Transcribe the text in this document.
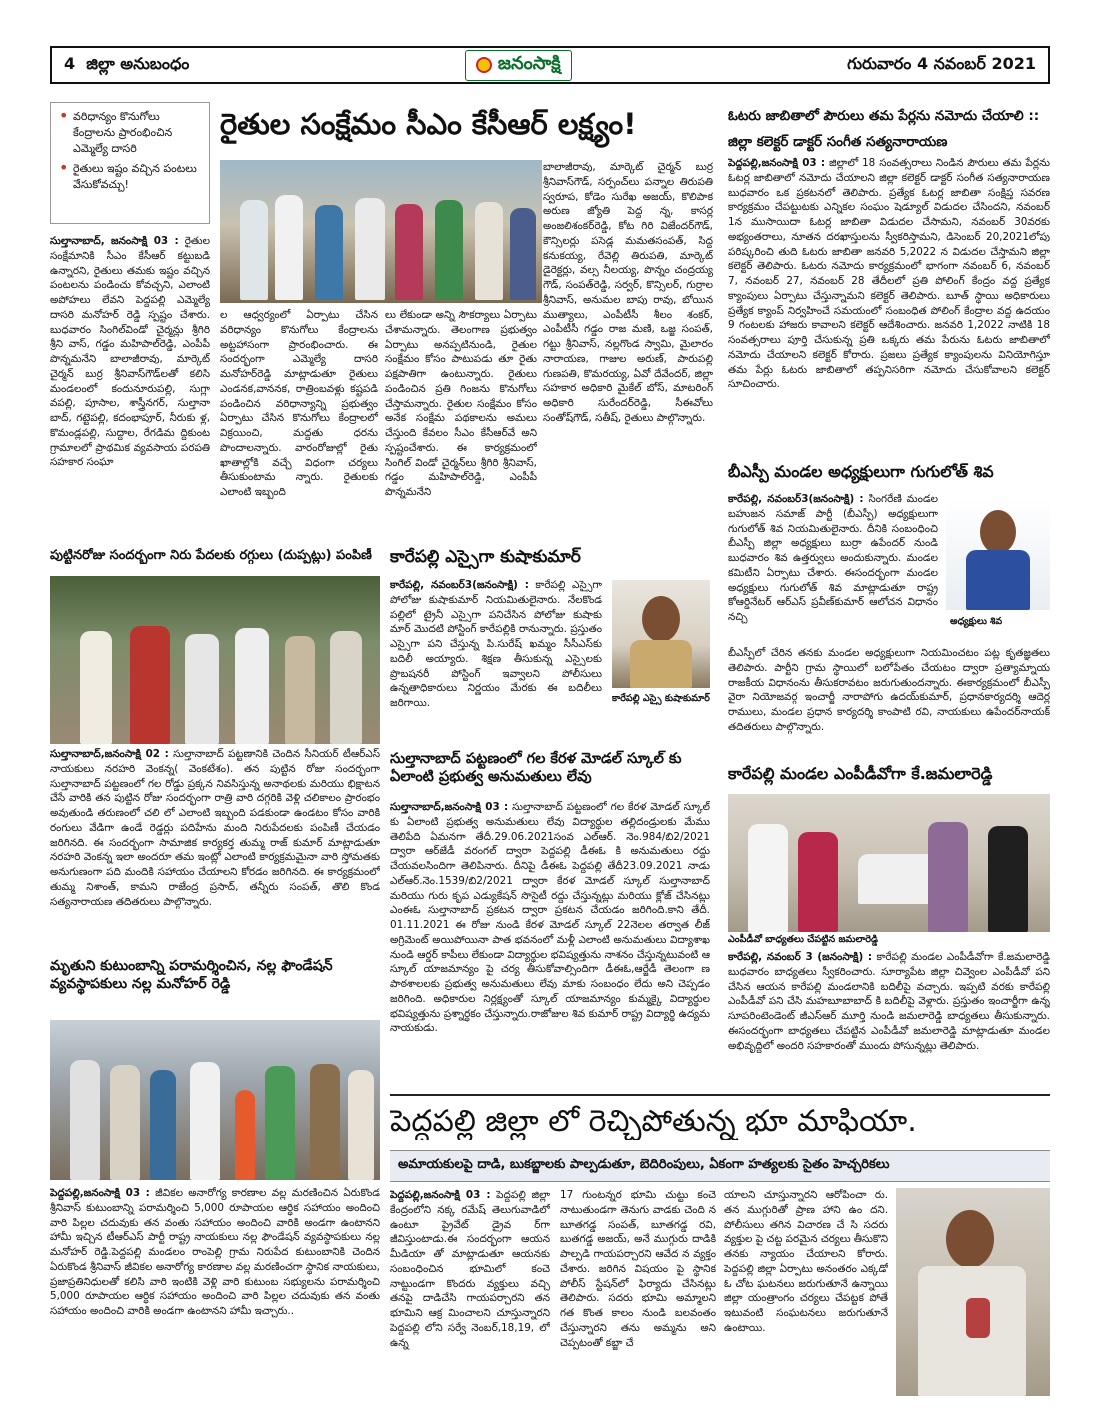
4 జిల్లా అనుబంధం	జనంసాక్షి	గురువారం 4 నవంబర్ 2021
• వరిధాన్యం కొనుగోలు కేంద్రాలను ప్రారంభించిన ఎమ్మెల్యే దాసరి
• రైతులు ఇష్టం వచ్చిన పంటలు వేసుకోవచ్చు!
రైతుల సంక్షేమం సీఎం కేసీఆర్ లక్ష్యం!
సుల్తానాబాద్, జనంసాక్షి 03 : రైతుల సంక్షేమానికి సీఎం కేసీఆర్ కట్టుబడి ఉన్నారని, రైతులు తమకు ఇష్టం వచ్చిన పంటలను పండించు కోవచ్చని, ఎలాంటి అపోహలు లేవని పెద్దపల్లి ఎమ్మెల్యే దాసరి మనోహర్ రెడ్డి స్పష్టం చేశారు. బుధవారం సింగిల్‌విండో చైర్మన్లు శ్రీగిరి శ్రీని వాస్, గడ్డం మహిపాల్‌రెడ్డి, ఎంపీపీ పొన్నమనేని బాలాజీరావు, మార్కెట్ చైర్మన్ బుర్ర శ్రీనివాస్‌గౌడ్‌లతో కలిసి మండలంలో కందునూరుపల్లి, సుగ్లా వపల్లి, పూసాల, శాస్త్రీనగర్, సుల్తానా బాద్, గట్టెపల్లి, కదంభాపూర్, నీరుకు ళ్ల, కొమండ్లపల్లి, సుద్దాల, రేగడిమ ద్దికుంట గ్రామాలలో ప్రాథమిక వ్యవసాయ పరపతి సహకార సంఘా
ల ఆధ్వర్యంలో ఏర్పాటు చేసిన వరిధాన్యం కొనుగోలు కేంద్రాలను అట్టహాసంగా ప్రారంభించారు. ఈ సందర్భంగా ఎమ్మెల్యే దాసరి మనోహర్‌రెడ్డి మాట్లాడుతూ రైతులు ఎండనక,వాననక, రాత్రింబవళ్లు కష్టపడి పండించిన వరిధాన్యాన్ని ప్రభుత్వం ఏర్పాటు చేసిన కొనుగోలు కేంద్రాలలో విక్రయించి, మద్దతు ధరను పొందాలన్నారు. వారంరోజుల్లో రైతు ఖాతాల్లోకి వచ్చే విధంగా చర్యలు తీసుకుంటామ న్నారు. రైతులకు ఎలాంటి ఇబ్బంది
లు లేకుండా అన్ని సౌకర్యాలు ఏర్పాటు చేశామన్నారు. తెలంగాణ ప్రభుత్వం ఏర్పాటు అనప్పటినుండి, రైతుల సంక్షేమం కోసం పాటుపడు తూ రైతు పక్షపాతిగా ఉంటున్నారు. రైతులు పండించిన ప్రతి గింజను కొనుగోలు చేస్తామన్నారు. రైతుల సంక్షేమం కోసం అనేక సంక్షేమ పథకాలను అమలు చేస్తుంది కేవలం సీఎం కేసీఆర్‌వే అని స్పష్టంచేశారు. ఈ కార్యక్రమంలో సింగిల్ విండో చైర్మన్‌లు శ్రీగిరి శ్రీనివాస్, గడ్డం మహిపాల్‌రెడ్డి, ఎంపీపీ పొన్నమనేని
బాలాజీరావు, మార్కెట్ చైర్మన్ బుర్ర శ్రీనివాస్‌గౌడ్, సర్పంచ్‌లు పన్నాల తిరుపతి స్వరూప, కోడెం సురేఖ అజయ్, కొలిపాక అరుణ జ్యోతి పెద్ద న్న, కాసర్ల అంజలిశంకర్‌రెడ్డి, కోట గిరి విజేందర్‌గౌడ్, కౌన్సిలర్లు పసెడ్ల మమతసంపత్, సిద్ద కనుకయ్య, రేవెల్లి తిరుపతి, మార్కెట్ డైరెక్టర్లు, వల్స నీలయ్య, పొన్నం చంద్రయ్య గౌడ్, సంపత్‌రెడ్డి, సర్వర్, కొన్సిలర్, గుర్రాల శ్రీనివాస్, అనుమల బాపు రావు, బోయిన ముత్యాలు, ఎంపీటీసీ శీలం శంకర్, ఎంపీటీసీ గడ్డం రాజ మణి, ఒజ్జ సంపత్, గట్టు శ్రీనివాస్, నల్లగొండ స్వామి, మైలారం నారాయణ, గాజుల అరుణ్, పారుపల్లి గుణపతి, కొమరయ్య, ఏవో దేవేందర్, జిల్లా సహకార అధికారి మైకేల్ బోస్, మాటరింగ్ అధికారి సురేందర్‌రెడ్డి, సీఈవోలు సంతోష్‌గౌడ్, సతీష్, రైతులు పాల్గొన్నారు.
పుట్టినరోజు సందర్భంగా నిరు పేదలకు రగ్గులు (దుప్పట్లు) పంపిణీ
సుల్తానాబాద్,జనంసాక్షి 02 : సుల్తానాబాద్ పట్టణానికి చెందిన సీనియర్ టీఆర్ఎస్ నాయకులు నరహరి వెంకన్న( వెంకటేశం). తన పుట్టిన రోజు సందర్భంగా సుల్తానాబాద్ పట్టణంలో గల రోడ్డు ప్రక్కన నివసిస్తున్న అనాథలకు మరియు భిక్షాటన చేసే వారికి తన పుట్టిన రోజు సందర్భంగా రాత్రి వారి దగ్గరికి వెళ్లి చలికాలం ప్రారంభం అవుతుండి తరుణంలో చలి లో ఎలాంటి ఇబ్బంది పడకుండా ఉండటం కోసం వారికి రంగులు వేడిగా ఉండే రెడ్డర్లు పదిహేను మంది నిరుపేదలకు పంపిణీ చేయడం జరిగినది. ఈ సందర్భంగా సామాజిక కార్యకర్త తుమ్మ రాజ్ కుమార్ మాట్లాడుతూ నరహరి వెంకన్న ఇలా అందరూ తమ ఇంట్లో ఎలాంటి కార్యక్రమమైనా వారి స్తోమతకు అనుగుణంగా పది మందికి సహాయం చేయాలని కోరడం జరిగినది. ఈ కార్యక్రమంలో తుమ్మ నిశాంత్, కామని రాజేంద్ర ప్రసాద్, తన్నీరు సంపత్, తొలి కొండ సత్యనారాయణ తదితరులు పాల్గొన్నారు.
మృతుని కుటుంబాన్ని పరామర్శించిన, నల్ల ఫౌండేషన్ వ్యవస్థాపకులు నల్ల మనోహర్ రెడ్డి
పెద్దపల్లి,జనంసాక్షి 03 : జీవికల అనారోగ్య కారణాల వల్ల మరణించిన ఏరుకొండ శ్రీనివాస్ కుటుంబాన్ని పరామర్శించి 5,000 రూపాయల ఆర్థిక సహాయం అందించి వారి పిల్లల చదువుకు తన వంతు సహాయం అందించి వారికి అండగా ఉంటానని హామీ ఇచ్చిన టీఆర్ఎస్ పార్టీ రాష్ట్ర నాయకులు నల్ల ఫౌండేషన్ వ్యవస్థాపకులు నల్ల మనోహర్ రెడ్డి.పెద్దపల్లి మండలం రాంపెల్లి గ్రామ నిరుపేద కుటుంబానికి చెందిన ఏరుకొండ శ్రీనివాస్ జీవికల అనారోగ్య కారణాల వల్ల మరణించగా స్థానిక నాయకులు, ప్రజాప్రతినిధులతో కలిసి వారి ఇంటికి వెళ్లి వారి కుటుంబ సభ్యులను పరామర్శించి 5,000 రూపాయల ఆర్థిక సహాయం అందించి వారి పిల్లల చదువుకు తన వంతు సహాయం అందించి వారికి అండగా ఉంటానని హామీ ఇచ్చారు..
కారేపల్లి ఎస్సైగా కుషాకుమార్
కారేపల్లి, నవంబర్3(జనంసాక్షి) : కారేపల్లి ఎస్సైగా పోలోజు కుషాకుమార్ నియమితులైనారు. నేలకొండ పల్లిలో ట్రైనీ ఎస్సైగా పనిచేసిన పోలోజు కుషాకు మార్ మొదటి పోస్టింగ్ కారేపల్లికి రానున్నారు. ప్రస్తుతం ఎస్సైగా పని చేస్తున్న పి.సురేష్ ఖమ్మం సీసీఎస్‌కు బదిలీ అయ్యారు. శిక్షణ తీసుకున్న ఎస్సైలకు ప్రొబషనరీ పోస్టింగ్ ఇవ్వాలని పోలీసులు ఉన్నతాధికారులు నిర్ణయం మేరకు ఈ బదిలీలు జరిగాయి.	కారేపల్లి ఎస్సై కుషాకుమార్
సుల్తానాబాద్ పట్టణంలో గల కేరళ మోడల్ స్కూల్ కు ఏలాంటి ప్రభుత్వ అనుమతులు లేవు
సుల్తానాబాద్,జనంసాక్షి 03 : సుల్తానాబాద్ పట్టణంలో గల కేరళ మోడల్ స్కూల్ కు ఏలాంటి ప్రభుత్వ అనుమతులు లేవు విద్యార్థుల తల్లిదండ్రులకు మేము తెలిపేది ఏమనగా తేదీ.29.06.2021సంవ ఎల్ఆర్. నెం.984/బి2/2021 ద్వారా ఆర్‌జేడీ వరంగల్ ద్వారా పెద్దపల్లి డీఈఓ కి అనుమతులు రద్దు చేయవలసిందిగా తెలిపినారు. దీనిపై డీఈఓ పెద్దపల్లి తేదీ23.09.2021 నాడు ఎల్ఆర్.నెం.1539/బి2/2021 ద్వారా కేరళ మోడల్ స్కూల్ సుల్తానాబాద్ మరియు గురు కృప ఎడ్యుకేషన్ సొసైటీ రద్దు చేస్తున్నట్లు మరియు క్లోజ్ చేసినట్లు ఎంఈఓ సుల్తానాబాద్ ప్రకటన ద్వారా ప్రకటన చేయడం జరిగింది.కాని తేదీ. 01.11.2021 ఈ రోజు నుండి కేరళ మోడల్ స్కూల్ 22నెలల తర్వాత లీజ్ అగ్రిమెంట్ అయిపోయినా పాత భవనంలో మళ్లీ ఎలాంటి అనుమతులు విద్యాశాఖ నుండి ఆర్డర్ కాపీలు లేకుండా విద్యార్థుల భవిష్యత్తును నాశనం చేస్తున్నటువంటి ఆ స్కూల్ యాజమాన్యం పై చర్య తీసుకోవాల్సిందిగా డీఈఓ,ఆర్జేడీ తెలంగా ణ పాఠశాలలకు ప్రభుత్వ అనుమతులు లేవు మాకు సంబంధం లేదు అని చెప్పడం జరిగింది. అధికారుల నిర్లక్ష్యంతో స్కూల్ యాజమాన్యం కుమ్మక్కై విద్యార్థుల భవిష్యత్తును ప్రశ్నార్థకం చేస్తున్నారు.రాజోజుల శివ కుమార్ రాష్ట్ర విద్యార్థి ఉద్యమ నాయకుడు.
ఓటరు జాబితాలో పౌరులు తమ పేర్లను నమోదు చేయాలి :: జిల్లా కలెక్టర్ డాక్టర్ సంగీత సత్యనారాయణ
పెద్దపల్లి,జనంసాక్షి 03 : జిల్లాలో 18 సంవత్సరాలు నిండిన పౌరులు తమ పేర్లను ఓటర్ల జాబితాలో నమోదు చేయాలని జిల్లా కలెక్టర్ డాక్టర్ సంగీత సత్యనారాయణ బుధవారం ఒక ప్రకటనలో తెలిపారు. ప్రత్యేక ఓటర్ల జాబితా సంక్షిప్త సవరణ కార్యక్రమం చేపట్టుటకు ఎన్నికల సంఘం షెడ్యూల్ విడుదల చేసిందని, నవంబర్ 1న ముసాయిదా ఓటర్ల జాబితా విడుదల చేసామని, నవంబర్ 30వరకు అభ్యంతరాలు, నూతన దరఖాస్తులను స్వీకరిస్తామని, డిసెంబర్ 20,2021లోపు పరిష్కరించి తుది ఓటరు జాబితా జనవరి 5,2022 న విడుదల చేస్తామని జిల్లా కలెక్టర్ తెలిపారు. ఓటరు నమోదు కార్యక్రమంలో భాగంగా నవంబర్ 6, నవంబర్ 7, నవంబర్ 27, నవంబర్ 28 తేదీలలో ప్రతి పోలింగ్ కేంద్రం వద్ద ప్రత్యేక క్యాంపులు ఏర్పాటు చేస్తున్నామని కలెక్టర్ తెలిపారు. బూత్ స్థాయి అధికారులు ప్రత్యేక క్యాంప్ నిర్వహించే సమయంలో సంబంధిత పోలింగ్ కేంద్రాల వద్ద ఉదయం 9 గంటలకు హాజరు కావాలని కలెక్టర్ ఆదేశించారు. జనవరి 1,2022 నాటికి 18 సంవత్సరాలు పూర్తి చేసుకున్న ప్రతి ఒక్కరు తమ పేరును ఓటరు జాబితాలో నమోదు చేయాలని కలెక్టర్ కోరారు. ప్రజలు ప్రత్యేక క్యాంపులను వినియోగిస్తూ తమ పేర్లు ఓటరు జాబితాలో తప్పనిసరిగా నమోదు చేసుకోవాలని కలెక్టర్ సూచించారు.
బీఎస్పీ మండల అధ్యక్షులుగా గుగులోత్ శివ
కారేపల్లి, నవంబర్3(జనంసాక్షి) : సింగరేణి మండల బహుజన సమాజ్ పార్టీ (బీఎస్పీ) అధ్యక్షులుగా గుగులోత్ శివ నియమితులైనారు. దీనికి సంబంధించి బీఎస్పీ జిల్లా అధ్యక్షులు బుర్రా ఉపేందర్ నుండి బుధవారం శివ ఉత్తర్వులు అందుకున్నారు. మండల కమిటీని ఏర్పాటు చేశారు. ఈసందర్భంగా మండల అధ్యక్షులు గుగులోత్ శివ మాట్లాడుతూ రాష్ట్ర కోఆర్డినేటర్ ఆర్ఎస్ ప్రవీణ్‌కుమార్ ఆలోచన విధానం నచ్చి	అధ్యక్షులు శివ
బీఎస్పీలో చేరిన తనకు మండల అధ్యక్షులుగా నియమించటం పట్ల కృతజ్ఞతలు తెలిపారు. పార్టీని గ్రామ స్థాయిలో బలోపేతం చేయటం ద్వారా ప్రత్యామ్నాయ రాజకీయ విధానంను తీసుకరావటం జరుగుతుందన్నారు. ఈకార్యక్రమంలో బీఎస్పీ వైరా నియోజవర్గ ఇంచార్జీ నారాపోగు ఉదయ్‌కుమార్, ప్రధానకార్యదర్శి ఆదెర్ల రాములు, మండల ప్రధాన కార్యదర్శి కాంపాటి రవి, నాయకులు ఉపేందర్‌నాయక్ తదితరులు పాల్గొన్నారు.
కారేపల్లి మండల ఎంపీడీవోగా కే.జమలారెడ్డి
ఎంపీడీవో బాధ్యతలు చేపట్టిన జమలారెడ్డి
కారేపల్లి, నవంబర్ 3 (జనంసాక్షి) : కారేపల్లి మండల ఎంపీడీవోగా కే.జమలారెడ్డి బుధవారం బాధ్యతలు స్వీకరించారు. సూర్యాపేట జిల్లా చివ్వెంల ఎంపీడీవో పని చేసిన ఆయన కారేపల్లి మండలానికి బదిలీపై వచ్చారు. ఇప్పటి వరకు కారేపల్లి ఎంపీడీవో పని చేసి మహబూబాబాద్ కి బదిలీపై వెళ్లారు. ప్రస్తుతం ఇంచార్జీగా ఉన్న సూపరింటెండెంట్ జీఎస్ఆర్ మూర్తి నుండి జమలారెడ్డి బాధ్యతలు తీసుకున్నారు. ఈసందర్భంగా బాధ్యతలు చేపట్టిన ఎంపీడీవో జమలారెడ్డి మాట్లాడుతూ మండల అభివృద్దిలో అందరి సహకారంతో ముందు పోసున్నట్లు తెలిపారు.
పెద్దపల్లి జిల్లా లో రెచ్చిపోతున్న భూ మాఫియా.
అమాయకులపై దాడి, బుకబ్జాలకు పాల్పడుతూ, బెదిరింపులు, ఏకంగా హత్యలకు సైతం హెచ్చరికలు
పెద్దపల్లి,జనంసాక్షి 03 : పెద్దపల్లి జిల్లా కేంద్రంలోని నక్క రమేష్ తెలుగువాడిలో ఉంటూ ప్రైవేట్ డ్రైవ ర్‌గా జీవిస్తుంటాడు.ఈ సందర్భంగా ఆయన మీడియా తో మాట్లాడుతూ ఆయనకు సంబంధించిన భూమిలో కంచె నాట్టుండగా కొందరు వ్యక్తులు వచ్చి తనపై దాడిచేసి గాయపర్చారని తన భూమిని ఆక్ర మించాలని చూస్తున్నారని పెద్దపల్లి లోని సర్వే నెంబర్,18,19, లో ఉన్న
17 గుంటన్నర భూమి చుట్టు కంచె నాటుతుండగా తెనుగు వాడకు చెంది న బూతగడ్డ సంపత్, బూతగడ్డ రవి, బుతగడ్డ అజయ్, అనే ముగ్గురు దాడికి పాల్పడి గాయపర్చారని ఆవేద న వ్యక్తం చేశారు. జరిగిన విషయం పై స్థానిక పోలీస్ స్టేషన్‌లో ఫిర్యాదు చేసినట్లు తెలిపారు. సదరు భూమి అమ్మాలని గత కొంత కాలం నుండి బలవంతం చేస్తున్నారని తను అమ్మను అని చెప్పటంతో కబ్జా చే
యాలని చూస్తున్నారని ఆరోపించా రు. తన ముగ్గురితో ప్రాణ హాని ఉం దని. పోలీసులు తగిన విచారణ చే సి సదరు వ్యక్తుల పై చట్ట పరమైన చర్యలు తీసుకొని తనకు న్యాయం చేయాలని కోరారు. పెద్దపల్లి జిల్లా ఏర్పాటు అనంతరం ఎక్కడో ఓ చోట ఘటనలు జరుగుతూనే ఉన్నాయి జిల్లా యంత్రాంగం చర్యలు చేపట్టక పోతే ఇటువంటి సంఘటనలు జరుగుతూనే ఉంటాయి.
